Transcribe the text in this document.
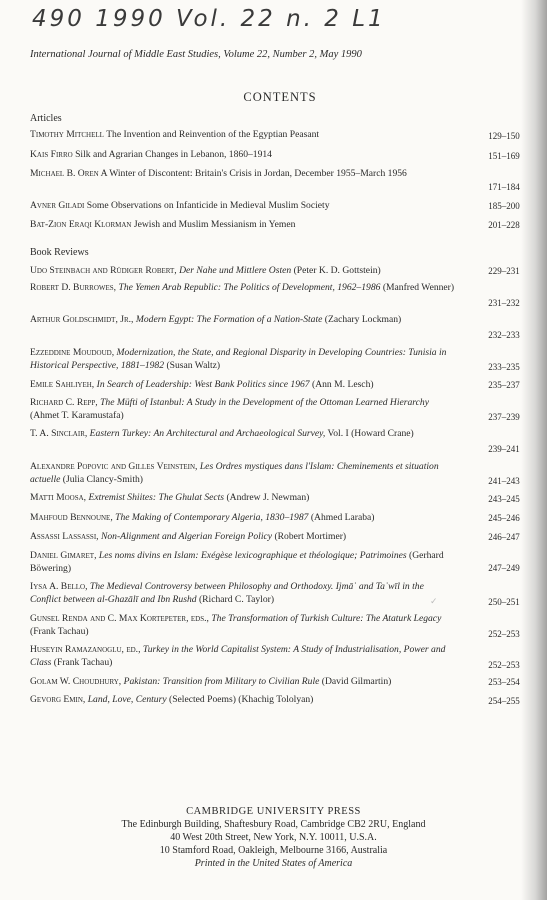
490 1990 Vol. 22 n. 2 L1
International Journal of Middle East Studies, Volume 22, Number 2, May 1990
CONTENTS
Articles
Timothy Mitchell The Invention and Reinvention of the Egyptian Peasant	129–150
Kais Firro Silk and Agrarian Changes in Lebanon, 1860–1914	151–169
Michael B. Oren A Winter of Discontent: Britain's Crisis in Jordan, December 1955–March 1956
171–184
Avner Giladi Some Observations on Infanticide in Medieval Muslim Society	185–200
Bat-Zion Eraqi Klorman Jewish and Muslim Messianism in Yemen	201–228
Book Reviews
Udo Steinbach and Rüdiger Robert, Der Nahe und Mittlere Osten (Peter K. D. Gottstein)	229–231
Robert D. Burrowes, The Yemen Arab Republic: The Politics of Development, 1962–1986 (Manfred Wenner)
231–232
Arthur Goldschmidt, Jr., Modern Egypt: The Formation of a Nation-State (Zachary Lockman)
232–233
Ezzeddine Moudoud, Modernization, the State, and Regional Disparity in Developing Countries: Tunisia in Historical Perspective, 1881–1982 (Susan Waltz)	233–235
Emile Sahliyeh, In Search of Leadership: West Bank Politics since 1967 (Ann M. Lesch)	235–237
Richard C. Repp, The Müfti of Istanbul: A Study in the Development of the Ottoman Learned Hierarchy (Ahmet T. Karamustafa)	237–239
T. A. Sinclair, Eastern Turkey: An Architectural and Archaeological Survey, Vol. I (Howard Crane)
239–241
Alexandre Popovic and Gilles Veinstein, Les Ordres mystiques dans l'Islam: Cheminements et situation actuelle (Julia Clancy-Smith)	241–243
Matti Moosa, Extremist Shiites: The Ghulat Sects (Andrew J. Newman)	243–245
Mahfoud Bennoune, The Making of Contemporary Algeria, 1830–1987 (Ahmed Laraba)	245–246
Assassi Lassassi, Non-Alignment and Algerian Foreign Policy (Robert Mortimer)	246–247
Daniel Gimaret, Les noms divins en Islam: Exégèse lexicographique et théologique; Patrimoines (Gerhard Böwering)	247–249
Iysa A. Bello, The Medieval Controversy between Philosophy and Orthodoxy. Ijmāʿ and Taʾwīl in the Conflict between al-Ghazālī and Ibn Rushd (Richard C. Taylor)	250–251
Gunsel Renda and C. Max Kortepeter, eds., The Transformation of Turkish Culture: The Ataturk Legacy (Frank Tachau)	252–253
Huseyin Ramazanoglu, ed., Turkey in the World Capitalist System: A Study of Industrialisation, Power and Class (Frank Tachau)	252–253
Golam W. Choudhury, Pakistan: Transition from Military to Civilian Rule (David Gilmartin)	253–254
Gevorg Emin, Land, Love, Century (Selected Poems) (Khachig Tololyan)	254–255
✓
CAMBRIDGE UNIVERSITY PRESS
The Edinburgh Building, Shaftesbury Road, Cambridge CB2 2RU, England
40 West 20th Street, New York, N.Y. 10011, U.S.A.
10 Stamford Road, Oakleigh, Melbourne 3166, Australia
Printed in the United States of America
